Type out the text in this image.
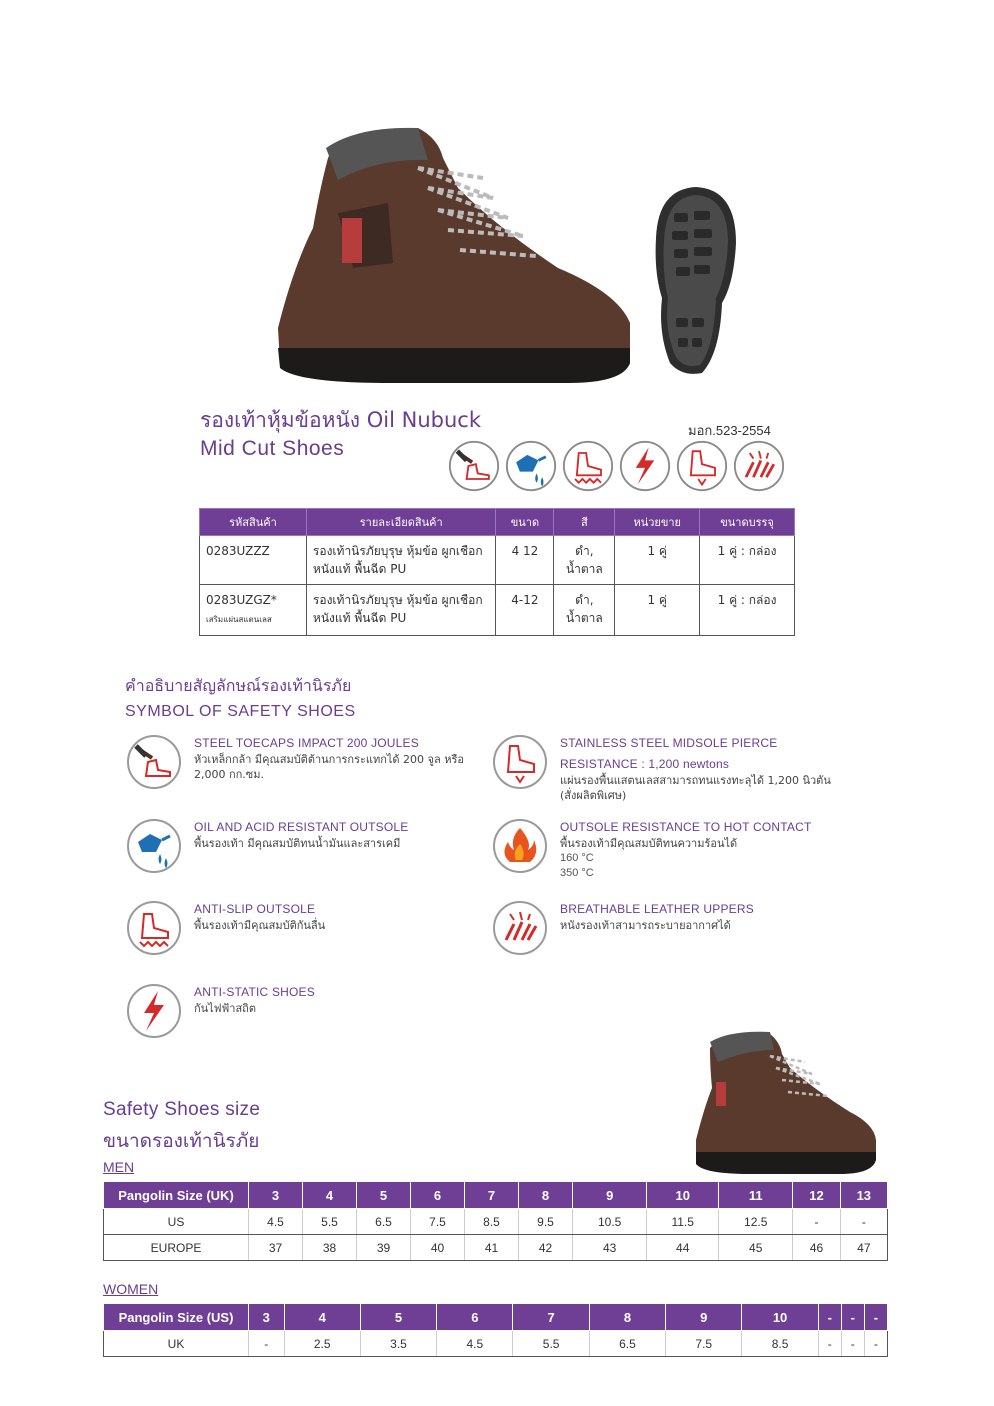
รองเท้าหุ้มข้อหนัง Oil Nubuck
Mid Cut Shoes
มอก.523-2554
รหัสสินค้า	รายละเอียดสินค้า	ขนาด	สี	หน่วยขาย	ขนาดบรรจุ
0283UZZZ	รองเท้านิรภัยบุรุษ หุ้มข้อ ผูกเชือก หนังแท้ พื้นฉีด PU	4 12	ดำ, น้ำตาล	1 คู่	1 คู่ : กล่อง
0283UZGZ*
เสริมแผ่นสแตนเลส	รองเท้านิรภัยบุรุษ หุ้มข้อ ผูกเชือก หนังแท้ พื้นฉีด PU	4-12	ดำ, น้ำตาล	1 คู่	1 คู่ : กล่อง
คำอธิบายสัญลักษณ์รองเท้านิรภัย
SYMBOL OF SAFETY SHOES
STEEL TOECAPS IMPACT 200 JOULES
หัวเหล็กกล้า มีคุณสมบัติต้านการกระแทกได้ 200 จูล หรือ 2,000 กก.ซม.
OIL AND ACID RESISTANT OUTSOLE
พื้นรองเท้า มีคุณสมบัติทนน้ำมันและสารเคมี
ANTI-SLIP OUTSOLE
พื้นรองเท้ามีคุณสมบัติกันลื่น
ANTI-STATIC SHOES
กันไฟฟ้าสถิต
STAINLESS STEEL MIDSOLE PIERCE
RESISTANCE : 1,200 newtons
แผ่นรองพื้นแสตนเลสสามารถทนแรงทะลุได้ 1,200 นิวตัน (สั่งผลิตพิเศษ)
OUTSOLE RESISTANCE TO HOT CONTACT
พื้นรองเท้ามีคุณสมบัติทนความร้อนได้
160 °C
350 °C
BREATHABLE LEATHER UPPERS
หนังรองเท้าสามารถระบายอากาศได้
Safety Shoes size
ขนาดรองเท้านิรภัย
MEN
Pangolin Size (UK)	3	4	5	6	7	8	9	10	11	12	13
US	4.5	5.5	6.5	7.5	8.5	9.5	10.5	11.5	12.5	-	-
EUROPE	37	38	39	40	41	42	43	44	45	46	47
WOMEN
Pangolin Size (US)	3	4	5	6	7	8	9	10	-	-	-
UK	-	2.5	3.5	4.5	5.5	6.5	7.5	8.5	-	-	-
